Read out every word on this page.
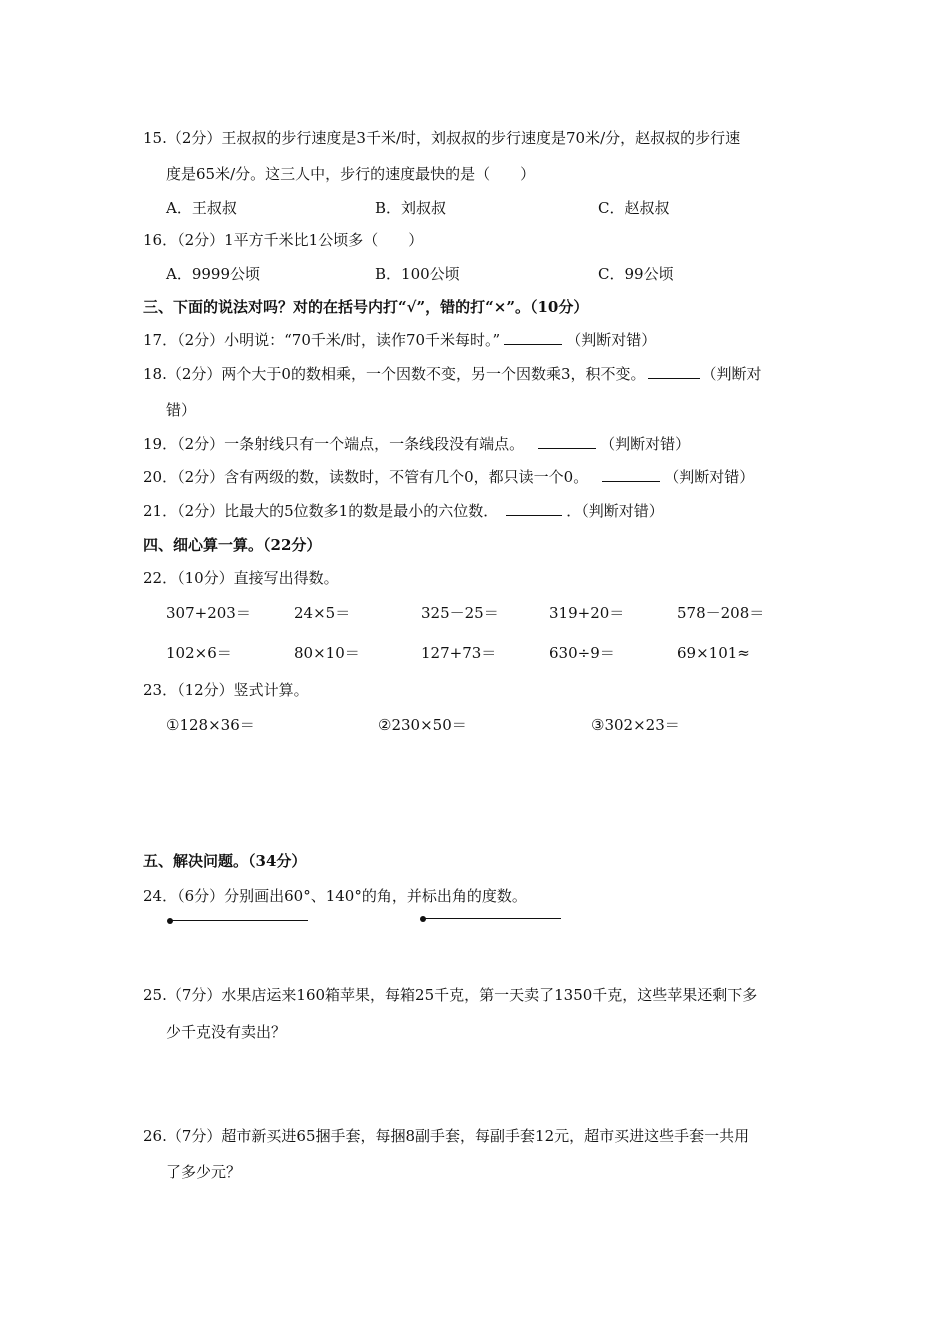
15.（2分）王叔叔的步行速度是3千米/时，刘叔叔的步行速度是70米/分，赵叔叔的步行速
度是65米/分。这三人中，步行的速度最快的是（　　）
A．王叔叔	B．刘叔叔	C．赵叔叔
16．（2分）1平方千米比1公顷多（　　）
A．9999公顷	B．100公顷	C．99公顷
三、下面的说法对吗？对的在括号内打“√”，错的打“×”。（10分）
17．（2分）小明说：“70千米/时，读作70千米每时。”	（判断对错）
18.（2分）两个大于0的数相乘，一个因数不变，另一个因数乘3，积不变。	（判断对
错）
19．（2分）一条射线只有一个端点，一条线段没有端点。	（判断对错）
20．（2分）含有两级的数，读数时，不管有几个0，都只读一个0。	（判断对错）
21．（2分）比最大的5位数多1的数是最小的六位数．	．（判断对错）
四、细心算一算。（22分）
22．（10分）直接写出得数。
307+203＝	24×5＝	325－25＝	319+20＝	578－208＝
102×6＝	80×10＝	127+73＝	630÷9＝	69×101≈
23．（12分）竖式计算。
①128×36＝	②230×50＝	③302×23＝
五、解决问题。（34分）
24．（6分）分别画出60°、140°的角，并标出角的度数。
25.（7分）水果店运来160箱苹果，每箱25千克，第一天卖了1350千克，这些苹果还剩下多
少千克没有卖出？
26.（7分）超市新买进65捆手套，每捆8副手套，每副手套12元，超市买进这些手套一共用
了多少元？
